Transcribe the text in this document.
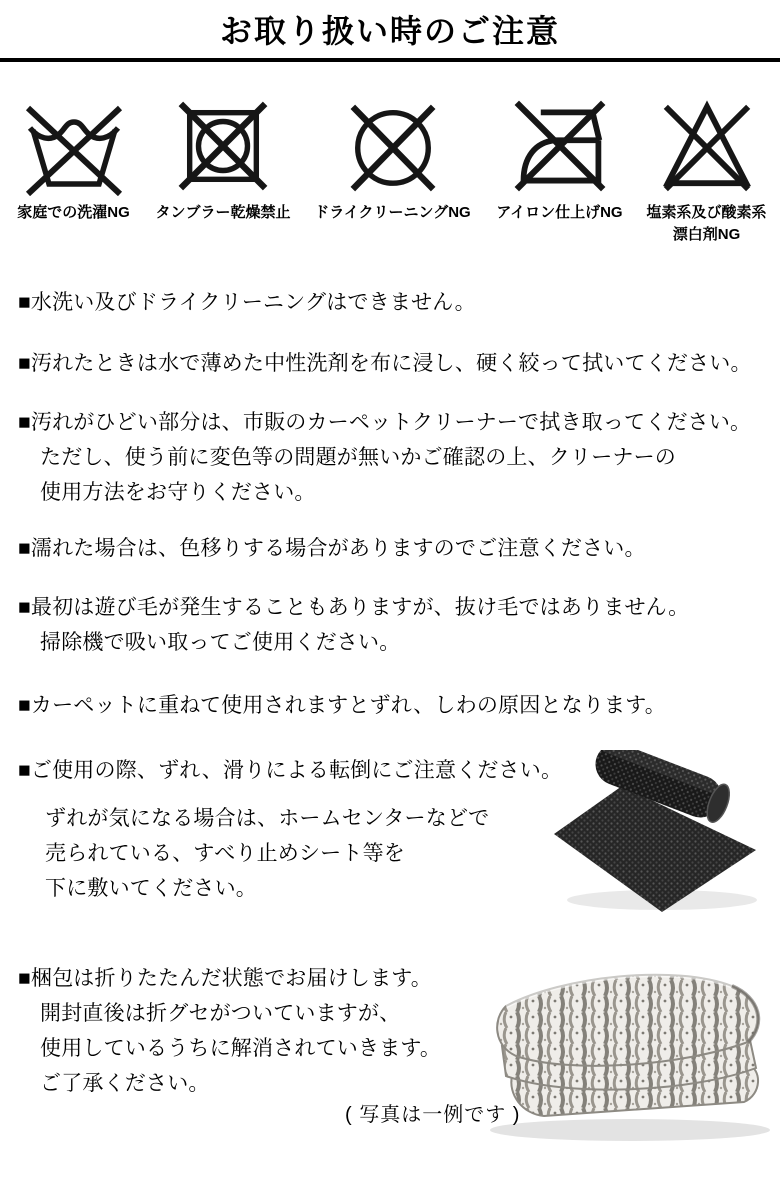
お取り扱い時のご注意
家庭での洗濯NG タンブラー乾燥禁止 ドライクリーニングNG アイロン仕上げNG 塩素系及び酸素系
漂白剤NG
■水洗い及びドライクリーニングはできません。
■汚れたときは水で薄めた中性洗剤を布に浸し、硬く絞って拭いてください。
■汚れがひどい部分は、市販のカーペットクリーナーで拭き取ってください。
ただし、使う前に変色等の問題が無いかご確認の上、クリーナーの
使用方法をお守りください。
■濡れた場合は、色移りする場合がありますのでご注意ください。
■最初は遊び毛が発生することもありますが、抜け毛ではありません。
掃除機で吸い取ってご使用ください。
■カーペットに重ねて使用されますとずれ、しわの原因となります。
■ご使用の際、ずれ、滑りによる転倒にご注意ください。
ずれが気になる場合は、ホームセンターなどで
売られている、すべり止めシート等を
下に敷いてください。
■梱包は折りたたんだ状態でお届けします。
開封直後は折グセがついていますが、
使用しているうちに解消されていきます。
ご了承ください。
( 写真は一例です )
